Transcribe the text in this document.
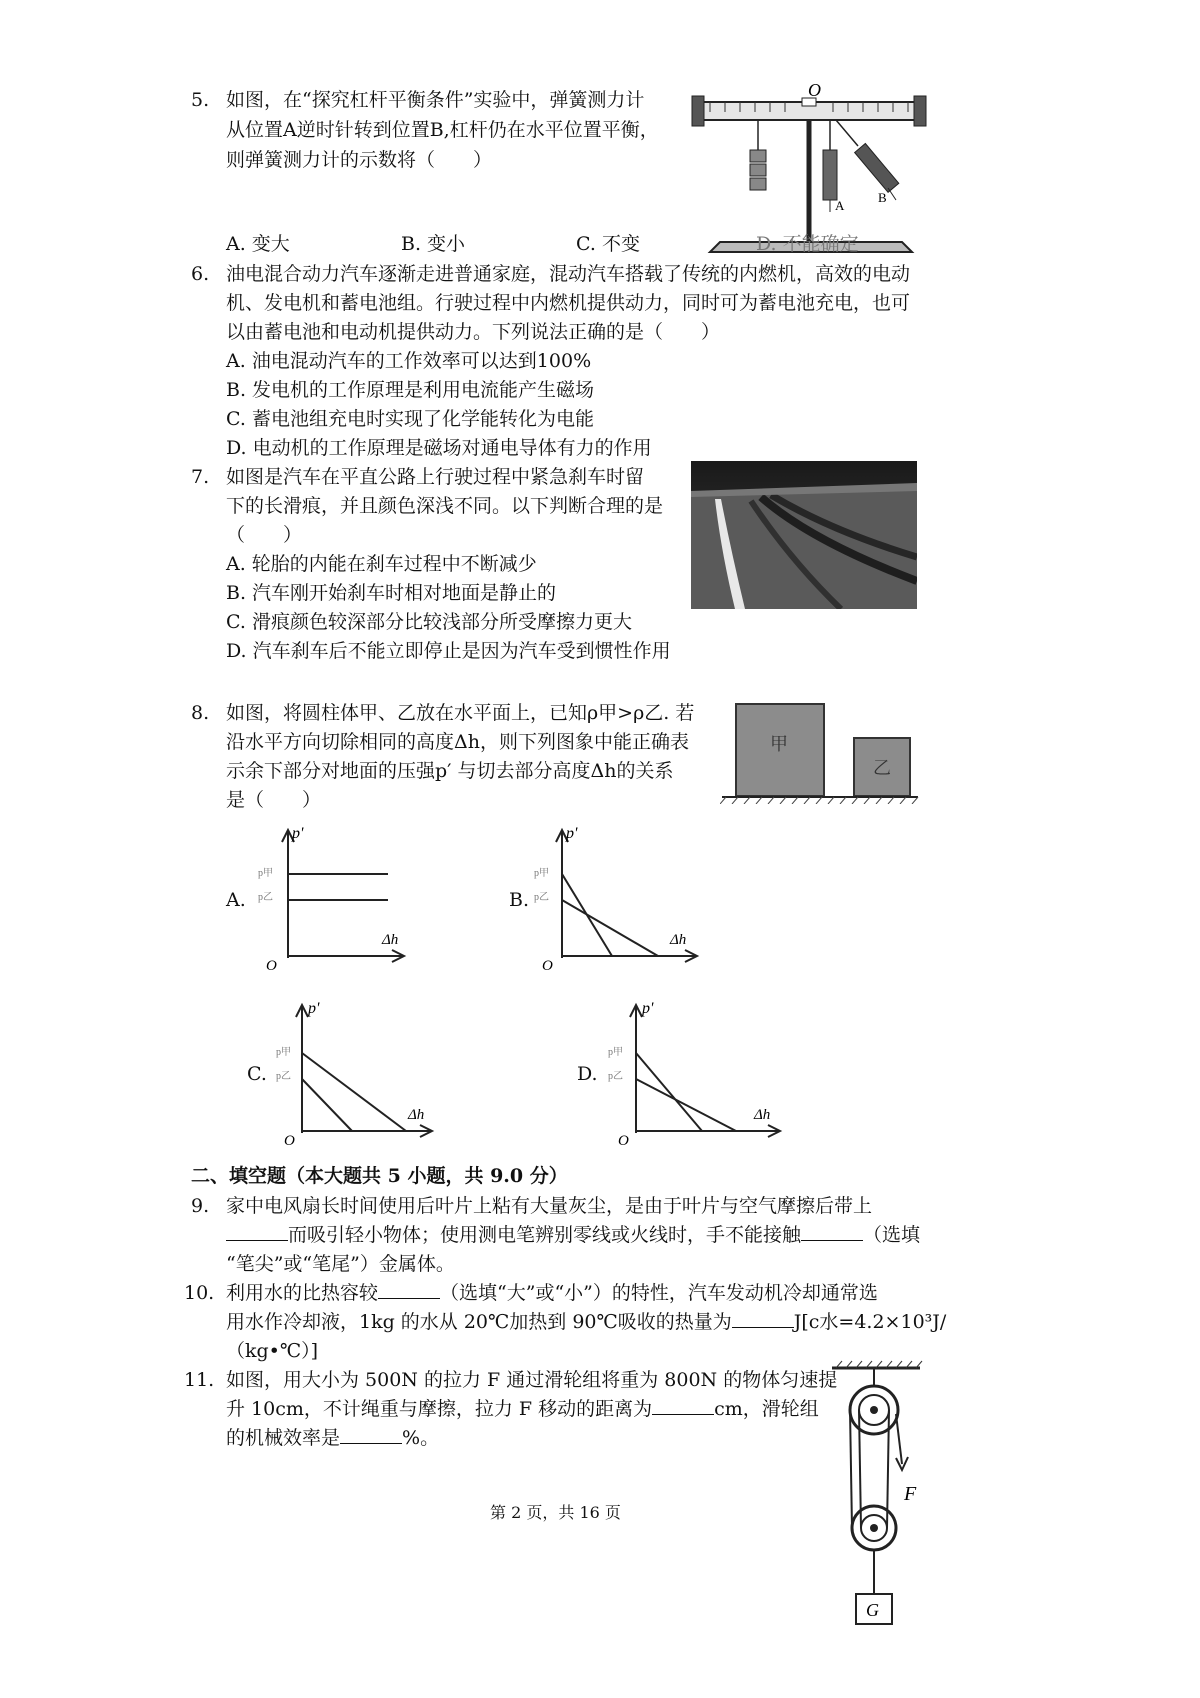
5. 如图，在“探究杠杆平衡条件”实验中，弹簧测力计
从位置A逆时针转到位置B,杠杆仍在水平位置平衡，
则弹簧测力计的示数将（　　）
O
A
B
A. 变大	B. 变小	C. 不变	D. 不能确定
6. 油电混合动力汽车逐渐走进普通家庭，混动汽车搭载了传统的内燃机，高效的电动
机、发电机和蓄电池组。行驶过程中内燃机提供动力，同时可为蓄电池充电，也可
以由蓄电池和电动机提供动力。下列说法正确的是（　　）
A. 油电混动汽车的工作效率可以达到100%
B. 发电机的工作原理是利用电流能产生磁场
C. 蓄电池组充电时实现了化学能转化为电能
D. 电动机的工作原理是磁场对通电导体有力的作用
7. 如图是汽车在平直公路上行驶过程中紧急刹车时留
下的长滑痕，并且颜色深浅不同。以下判断合理的是
（　　）
A. 轮胎的内能在刹车过程中不断减少
B. 汽车刚开始刹车时相对地面是静止的
C. 滑痕颜色较深部分比较浅部分所受摩擦力更大
D. 汽车刹车后不能立即停止是因为汽车受到惯性作用
8. 如图，将圆柱体甲、乙放在水平面上，已知ρ甲>ρ乙. 若
沿水平方向切除相同的高度Δh，则下列图象中能正确表
示余下部分对地面的压强p′ 与切去部分高度Δh的关系
是（　　）
甲
乙
A.
p'
Δh
O
p甲
p乙	B.
p'
Δh
O
p甲
p乙
C.
p'
Δh
O
p甲
p乙	D.
p'
Δh
O
p甲
p乙
二、填空题（本大题共 5 小题，共 9.0 分）
9. 家中电风扇长时间使用后叶片上粘有大量灰尘，是由于叶片与空气摩擦后带上
而吸引轻小物体；使用测电笔辨别零线或火线时，手不能接触	（选填
“笔尖”或“笔尾”）金属体。
10. 利用水的比热容较	（选填“大”或“小”）的特性，汽车发动机冷却通常选
用水作冷却液，1kg 的水从 20℃加热到 90℃吸收的热量为	J[c水=4.2×10³J/
（kg•℃）]
11. 如图，用大小为 500N 的拉力 F 通过滑轮组将重为 800N 的物体匀速提
升 10cm，不计绳重与摩擦，拉力 F 移动的距离为	cm，滑轮组
的机械效率是	%。
F
G
第 2 页，共 16 页
